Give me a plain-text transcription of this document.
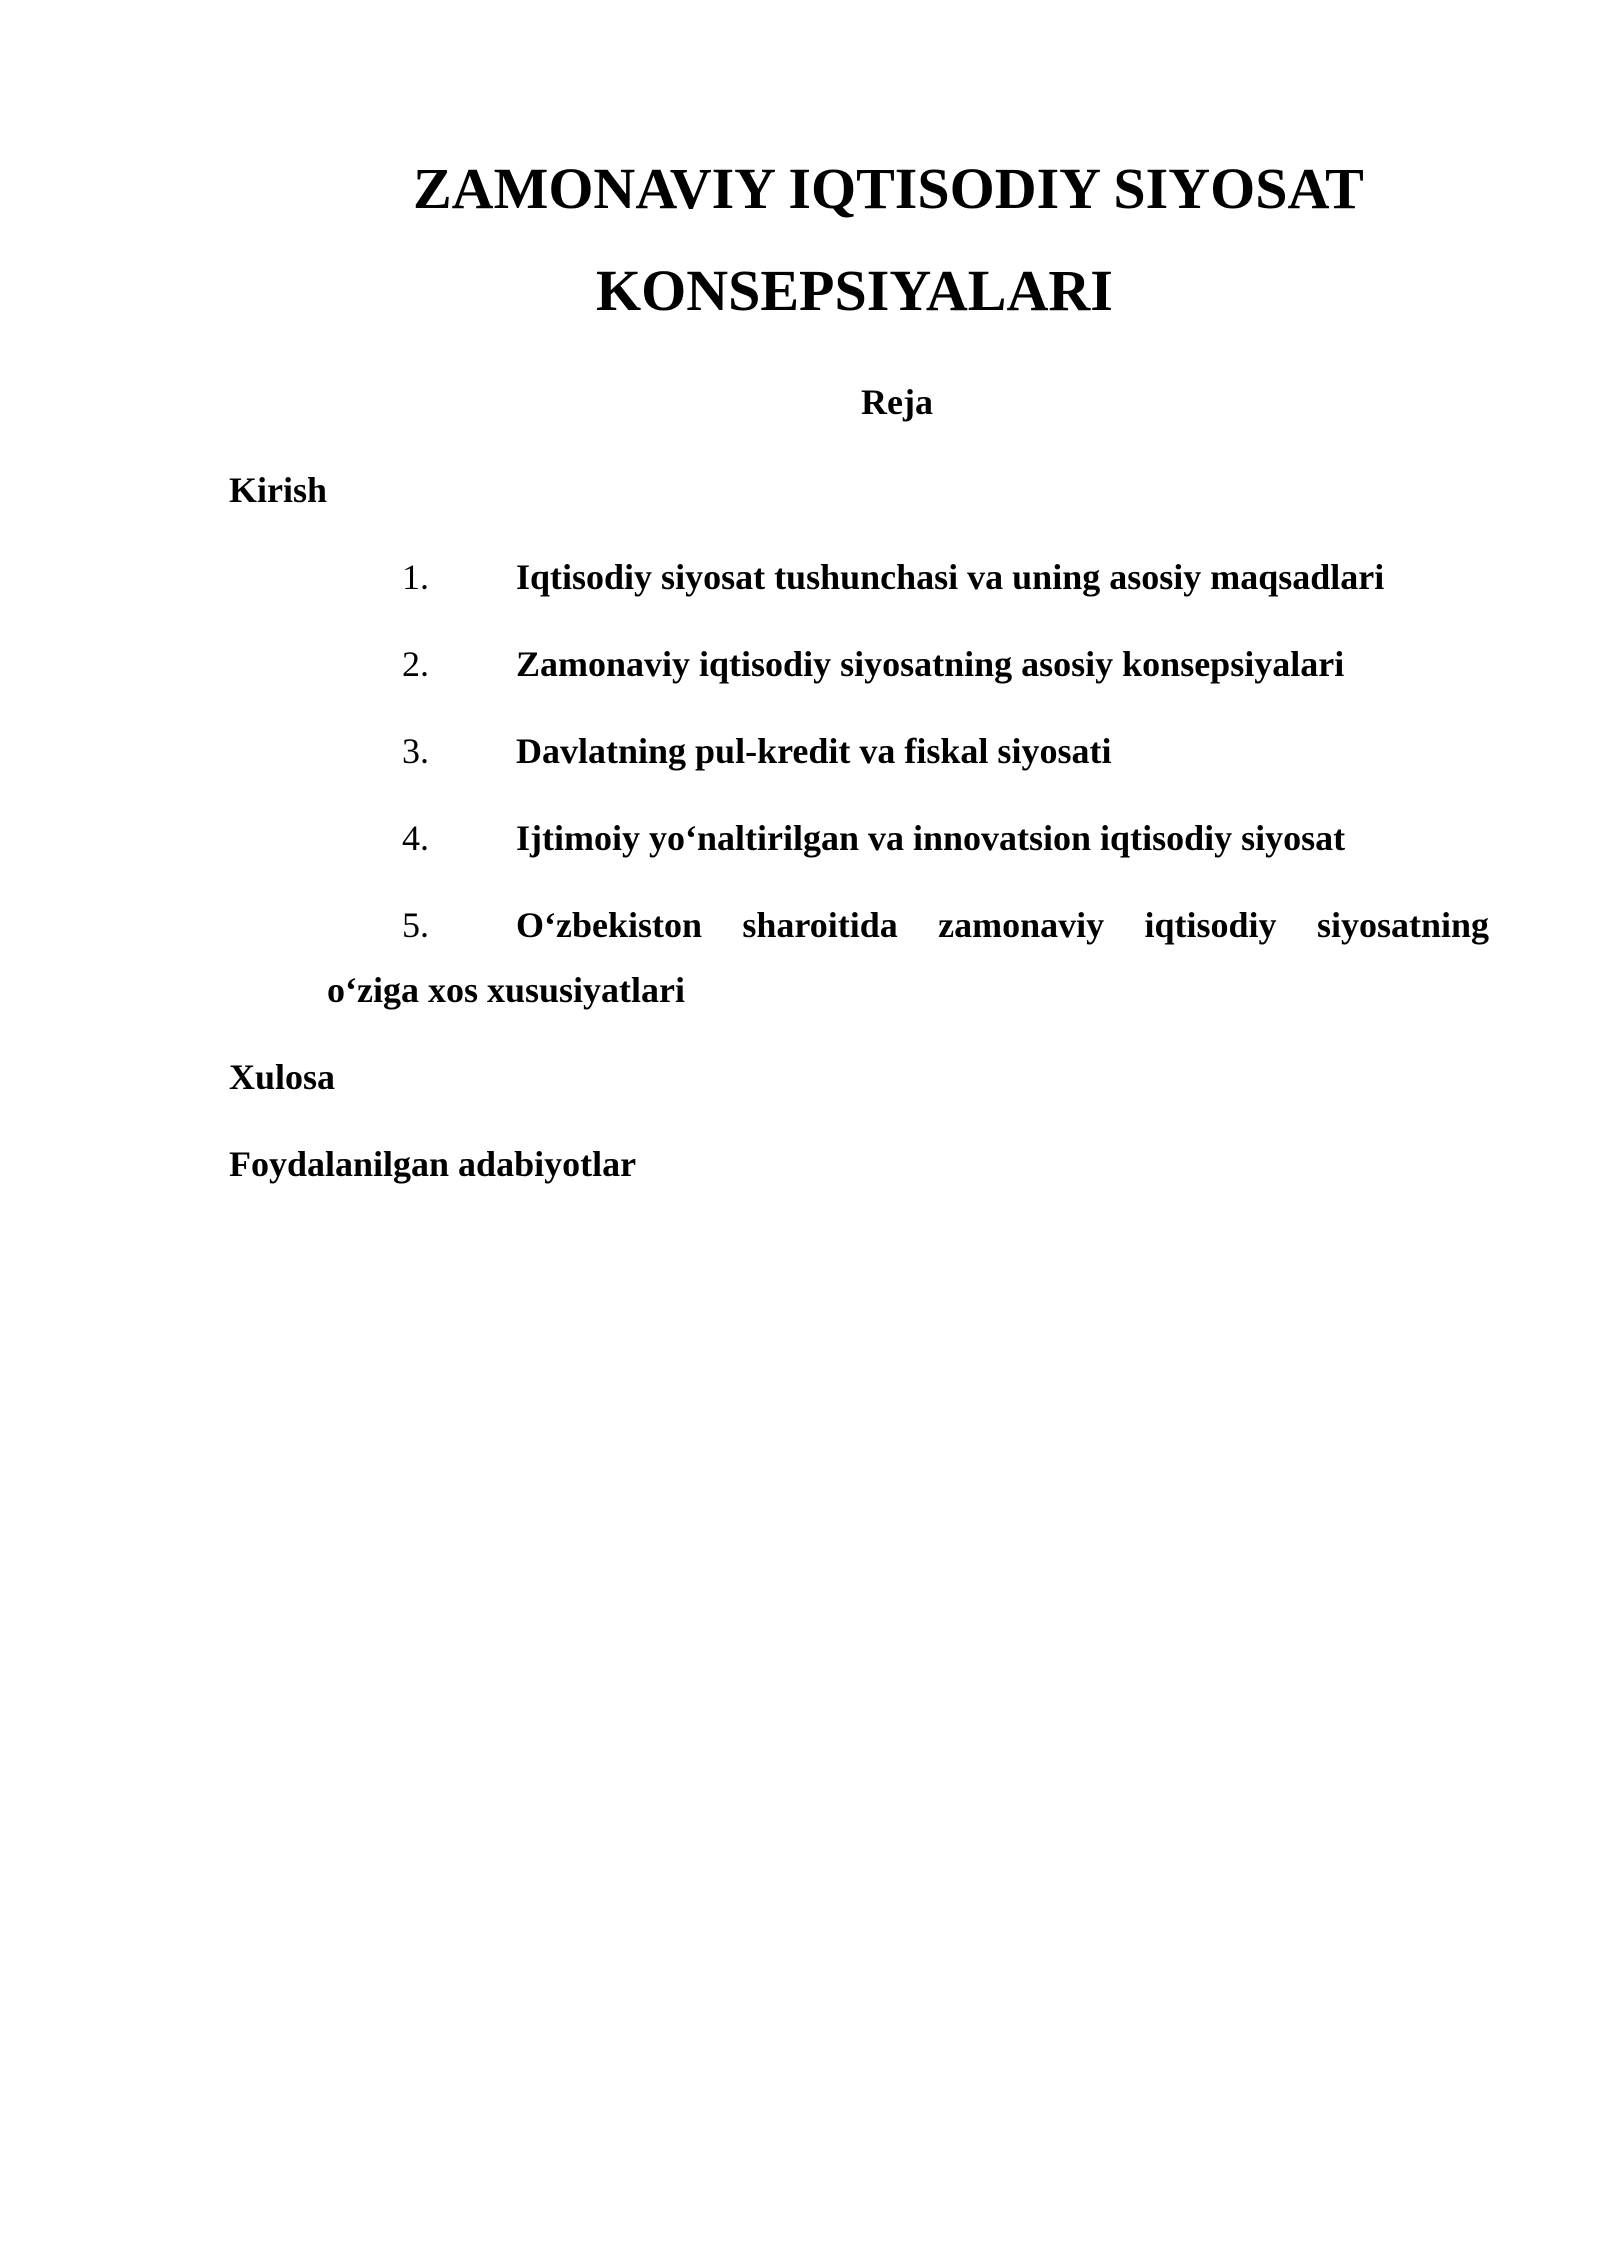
ZAMONAVIY IQTISODIY SIYOSAT
KONSEPSIYALARI
Reja
Kirish
1. Iqtisodiy siyosat tushunchasi va uning asosiy maqsadlari
2. Zamonaviy iqtisodiy siyosatning asosiy konsepsiyalari
3. Davlatning pul-kredit va fiskal siyosati
4. Ijtimoiy yo‘naltirilgan va innovatsion iqtisodiy siyosat
5. O‘zbekiston sharoitida zamonaviy iqtisodiy siyosatning
o‘ziga xos xususiyatlari
Xulosa
Foydalanilgan adabiyotlar
